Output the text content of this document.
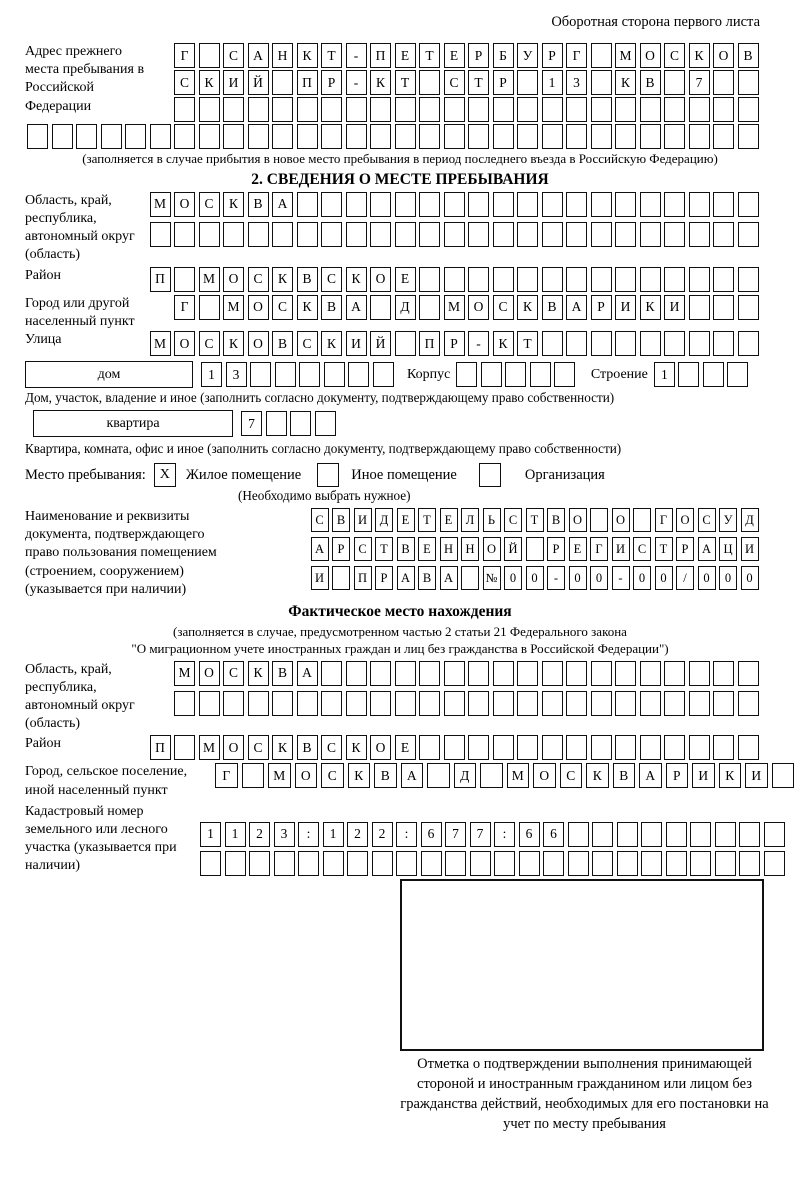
Оборотная сторона первого листа
Адрес прежнего места пребывания в Российской Федерации
Г	С	А	Н	К	Т	-	П	Е	Т	Е	Р	Б	У	Р	Г	М	О	С	К	О	В
С	К	И	Й	П	Р	-	К	Т	С	Т	Р	1	3	К	В	7
(заполняется в случае прибытия в новое место пребывания в период последнего въезда в Российскую Федерацию)
2. СВЕДЕНИЯ О МЕСТЕ ПРЕБЫВАНИЯ
Область, край, республика, автономный округ (область)
М	О	С	К	В	А
Район	П	М	О	С	К	В	С	К	О	Е
Город или другой населенный пункт
Г	М	О	С	К	В	А	Д	М	О	С	К	В	А	Р	И	К	И
Улица	М	О	С	К	О	В	С	К	И	Й	П	Р	-	К	Т
дом	1	3	Корпус	Строение 1
Дом, участок, владение и иное (заполнить согласно документу, подтверждающему право собственности)
квартира	7
Квартира, комната, офис и иное (заполнить согласно документу, подтверждающему право собственности)
Место пребывания: X	Жилое помещение	Иное помещение	Организация
(Необходимо выбрать нужное)
Наименование и реквизиты документа, подтверждающего право пользования помещением (строением, сооружением) (указывается при наличии)
С	В	И	Д	Е	Т	Е	Л	Ь	С	Т	В	О	О	Г	О	С	У	Д
А	Р	С	Т	В	Е	Н Н О Й	Р	Е	Г	И	С	Т	Р	А Ц И
И	П	Р	А	В	А	№ 0	0	-	0	0	-	0	0	/	0	0	0
Фактическое место нахождения
(заполняется в случае, предусмотренном частью 2 статьи 21 Федерального закона
"О миграционном учете иностранных граждан и лиц без гражданства в Российской Федерации")
Область, край, республика, автономный округ (область)
М	О	С	К	В	А
Район	П	М	О	С	К	В	С	К	О	Е
Город, сельское поселение, иной населенный пункт
Г	М	О	С	К	В	А	Д	М	О	С	К	В	А	Р	И	К	И
Кадастровый номер земельного или лесного участка (указывается при наличии)
1	1	2	3	:	1	2	2	:	6	7	7	:	6	6
Отметка о подтверждении выполнения принимающей стороной и иностранным гражданином или лицом без гражданства действий, необходимых для его постановки на учет по месту пребывания
